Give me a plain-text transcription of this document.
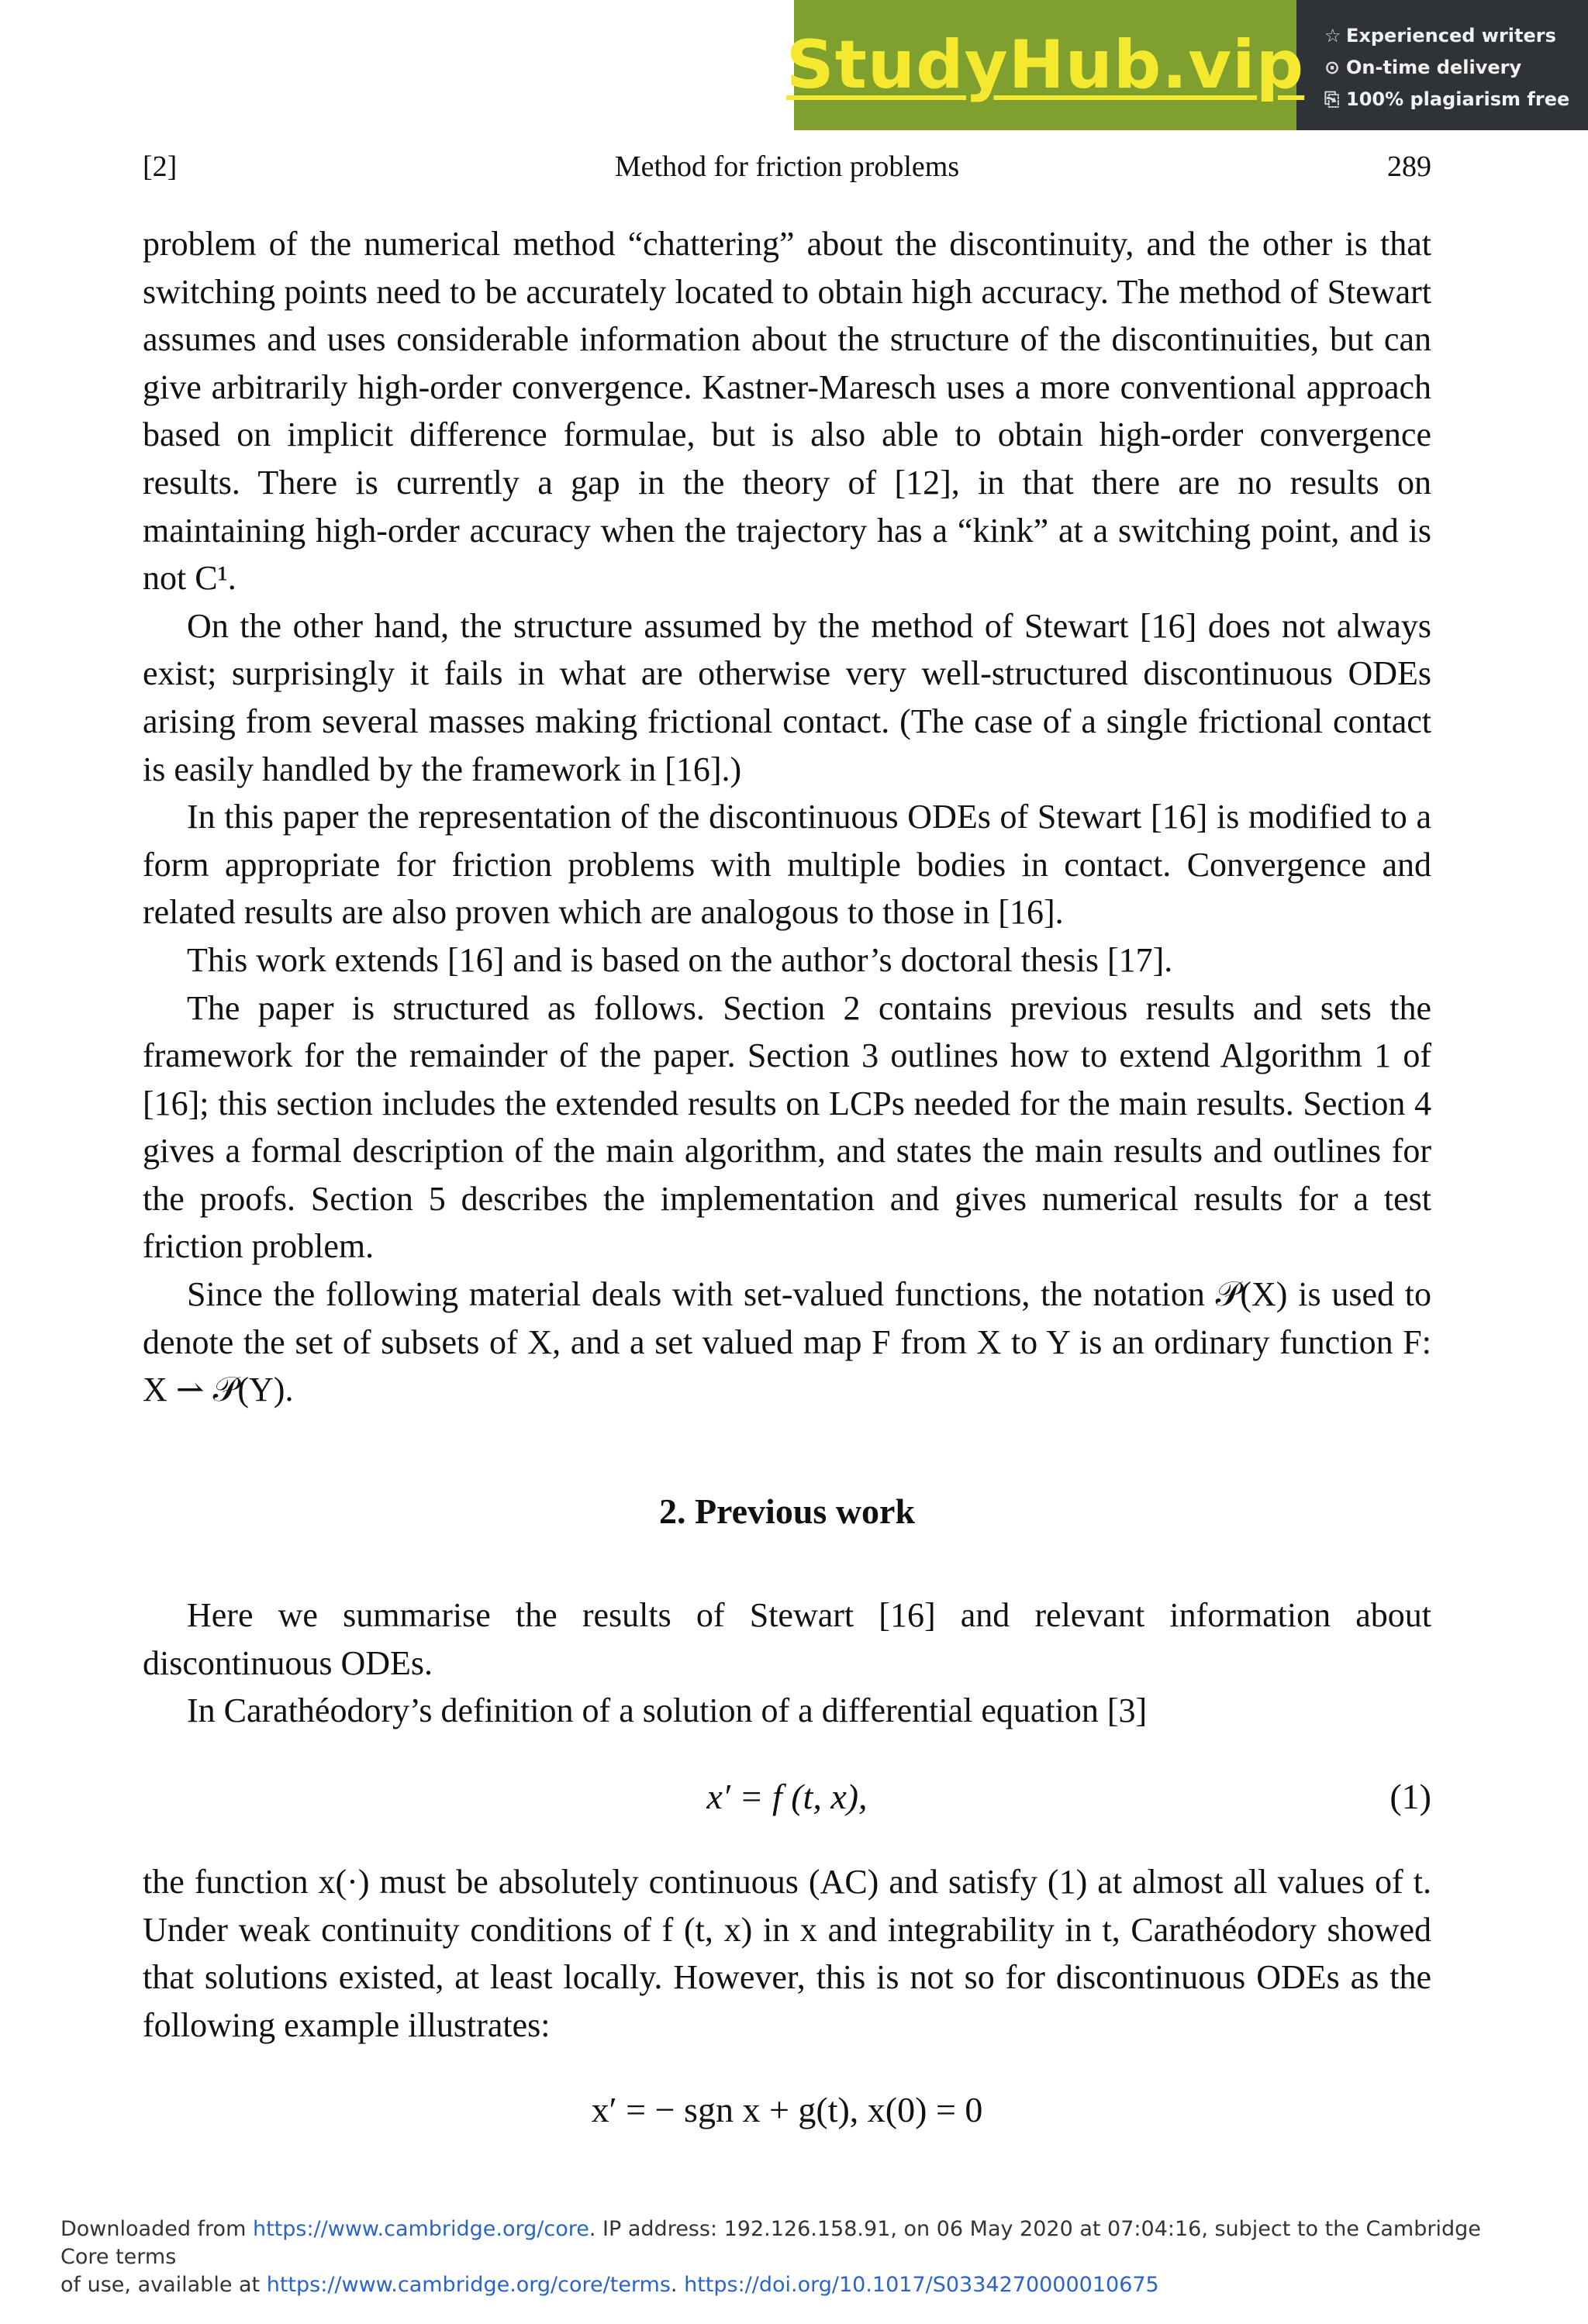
StudyHub.vip ☆ Experienced writers
⊙ On-time delivery
⎘ 100% plagiarism free
[2]	Method for friction problems	289

problem of the numerical method “chattering” about the discontinuity, and the other is that switching points need to be accurately located to obtain high accuracy. The method of Stewart assumes and uses considerable information about the structure of the discontinuities, but can give arbitrarily high-order convergence. Kastner-Maresch uses a more conventional approach based on implicit difference formulae, but is also able to obtain high-order convergence results. There is currently a gap in the theory of [12], in that there are no results on maintaining high-order accuracy when the trajectory has a “kink” at a switching point, and is not C¹.

On the other hand, the structure assumed by the method of Stewart [16] does not always exist; surprisingly it fails in what are otherwise very well-structured discontinuous ODEs arising from several masses making frictional contact. (The case of a single frictional contact is easily handled by the framework in [16].)

In this paper the representation of the discontinuous ODEs of Stewart [16] is modified to a form appropriate for friction problems with multiple bodies in contact. Convergence and related results are also proven which are analogous to those in [16].

This work extends [16] and is based on the author’s doctoral thesis [17].

The paper is structured as follows. Section 2 contains previous results and sets the framework for the remainder of the paper. Section 3 outlines how to extend Algorithm 1 of [16]; this section includes the extended results on LCPs needed for the main results. Section 4 gives a formal description of the main algorithm, and states the main results and outlines for the proofs. Section 5 describes the implementation and gives numerical results for a test friction problem.

Since the following material deals with set-valued functions, the notation 𝒫(X) is used to denote the set of subsets of X, and a set valued map F from X to Y is an ordinary function F: X ⇀ 𝒫(Y).

2. Previous work

Here we summarise the results of Stewart [16] and relevant information about discontinuous ODEs.

In Carathéodory’s definition of a solution of a differential equation [3]

x′ = f (t, x),	(1)

the function x(·) must be absolutely continuous (AC) and satisfy (1) at almost all values of t. Under weak continuity conditions of f (t, x) in x and integrability in t, Carathéodory showed that solutions existed, at least locally. However, this is not so for discontinuous ODEs as the following example illustrates:

x′ = − sgn x + g(t), x(0) = 0
Downloaded from https://www.cambridge.org/core. IP address: 192.126.158.91, on 06 May 2020 at 07:04:16, subject to the Cambridge Core terms
of use, available at https://www.cambridge.org/core/terms. https://doi.org/10.1017/S0334270000010675
